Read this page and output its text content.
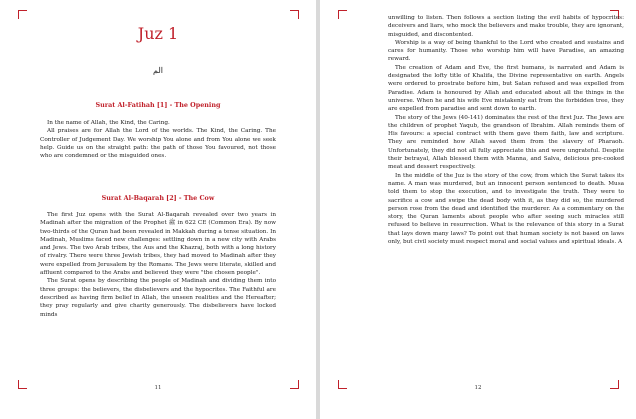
Juz 1
الم
Surat Al-Fatihah [1] - The Opening

In the name of Allah, the Kind, the Caring.

All praises are for Allah the Lord of the worlds. The Kind, the Caring. The Controller of Judgement Day. We worship You alone and from You alone we seek help. Guide us on the straight path: the path of those You favoured, not those who are condemned or the misguided ones.

Surat Al-Baqarah [2] - The Cow

The first Juz opens with the Surat Al-Baqarah revealed over two years in Madinah after the migration of the Prophet ﷺ in 622 CE (Common Era). By now two-thirds of the Quran had been revealed in Makkah during a tense situation. In Madinah, Muslims faced new challenges: settling down in a new city with Arabs and Jews. The two Arab tribes, the Aus and the Khazraj, both with a long history of rivalry. There were three Jewish tribes, they had moved to Madinah after they were expelled from Jerusalem by the Romans. The Jews were literate, skilled and affluent compared to the Arabs and believed they were "the chosen people".

The Surat opens by describing the people of Madinah and dividing them into three groups: the believers, the disbelievers and the hypocrites. The Faithful are described as having firm belief in Allah, the unseen realities and the Hereafter; they pray regularly and give charity generously. The disbelievers have locked minds

11

unwilling to listen. Then follows a section listing the evil habits of hypocrites: deceivers and liars, who mock the believers and make trouble, they are ignorant, misguided, and discontented.

Worship is a way of being thankful to the Lord who created and sustains and cares for humanity. Those who worship him will have Paradise, an amazing reward.

The creation of Adam and Eve, the first humans, is narrated and Adam is designated the lofty title of Khalifa, the Divine representative on earth. Angels were ordered to prostrate before him, but Satan refused and was expelled from Paradise. Adam is honoured by Allah and educated about all the things in the universe. When he and his wife Eve mistakenly eat from the forbidden tree, they are expelled from paradise and sent down to earth.

The story of the Jews (40-141) dominates the rest of the first Juz. The Jews are the children of prophet Yaqub, the grandson of Ibrahim. Allah reminds them of His favours: a special contract with them gave them faith, law and scripture. They are reminded how Allah saved them from the slavery of Pharaoh. Unfortunately, they did not all fully appreciate this and were ungrateful. Despite their betrayal, Allah blessed them with Manna, and Salva, delicious pre-cooked meat and dessert respectively.

In the middle of the Juz is the story of the cow, from which the Surat takes its name. A man was murdered, but an innocent person sentenced to death. Musa told them to stop the execution, and to investigate the truth. They were to sacrifice a cow and swipe the dead body with it, as they did so, the murdered person rose from the dead and identified the murderer. As a commentary on the story, the Quran laments about people who after seeing such miracles still refused to believe in resurrection. What is the relevance of this story in a Surat that lays down many laws? To point out that human society is not based on laws only, but civil society must respect moral and social values and spiritual ideals. A

12
